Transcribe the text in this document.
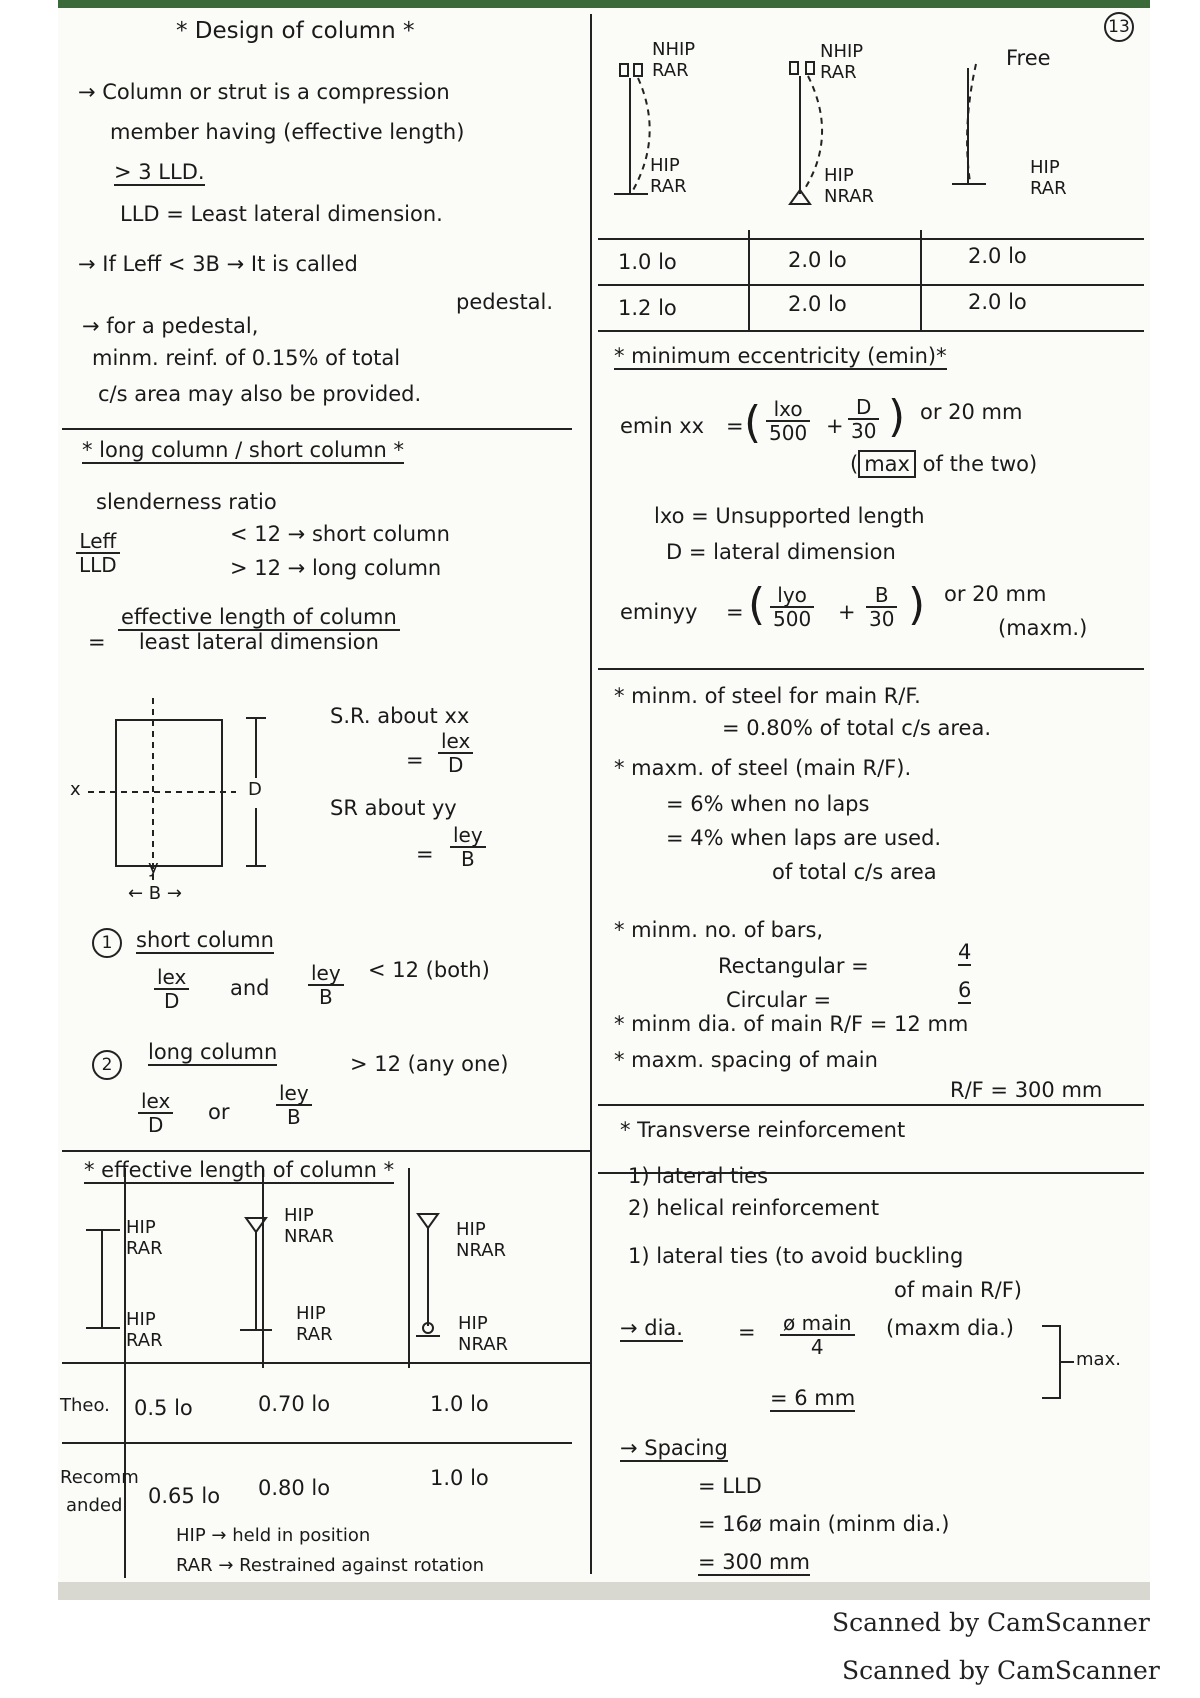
13
* Design of column *
→ Column or strut is a compression
member having (effective length)
> 3 LLD.
LLD = Least lateral dimension.
→ If Leff < 3B → It is called
pedestal.
→ for a pedestal,
minm. reinf. of 0.15% of total
c/s area may also be provided.
* long column / short column *
slenderness ratio
Leff
LLD
< 12 → short column
> 12 → long column
=
effective length of column
least lateral dimension
x
y
D
← B →
S.R. about xx
=
lex
D
SR about yy
=
ley
B
1	short column
lex
D
and
ley
B
< 12 (both)
2
long column
lex
D
or
ley
B
> 12 (any one)
* effective length of column *
HIP
RAR
HIP
RAR
HIP
NRAR
HIP
RAR
HIP
NRAR
HIP
NRAR
Theo. 0.5 lo	0.70 lo	1.0 lo
Recomm
anded 0.65 lo 0.80 lo	1.0 lo
HIP → held in position
RAR → Restrained against rotation
NHIP
RAR
HIP
RAR
NHIP
RAR
HIP
NRAR
Free
HIP
RAR
1.0 lo	2.0 lo	2.0 lo
1.2 lo	2.0 lo	2.0 lo
* minimum eccentricity (emin)*
emin xx = ( lxo
$500 + \frac{D}{30}$ ) or 20 mm
( max of the two)
lxo = Unsupported length
D = lateral dimension
eminyy = ( lyo
$500 + \frac{B}{30}$ ) or 20 mm
(maxm.)
* minm. of steel for main R/F.
= 0.80% of total c/s area.
* maxm. of steel (main R/F).
= 6% when no laps
= 4% when laps are used.
of total c/s area
* minm. no. of bars,
Rectangular =
4
Circular =	6
* minm dia. of main R/F = 12 mm
* maxm. spacing of main
R/F = 300 mm
* Transverse reinforcement
1) lateral ties
2) helical reinforcement
1) lateral ties (to avoid buckling
of main R/F)
→ dia.	= ø main
4
(maxm dia.)
max.
= 6 mm
→ Spacing
= LLD
= 16ø main (minm dia.)
= 300 mm
Scanned by CamScanner
Scanned by CamScanner
